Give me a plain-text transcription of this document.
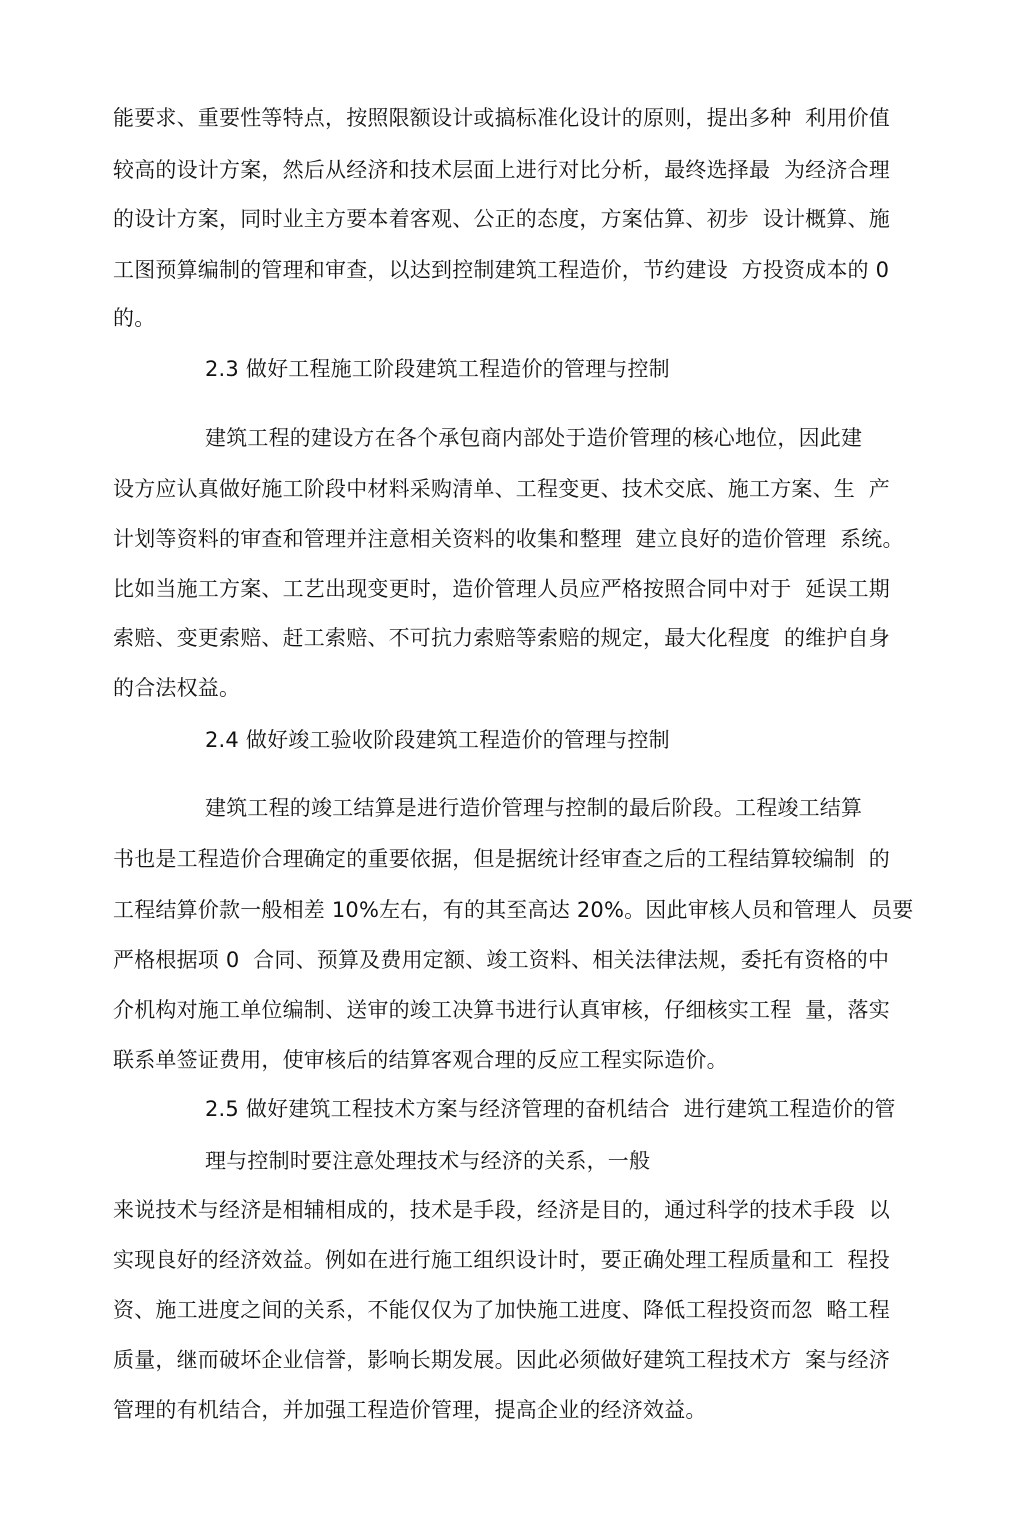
能要求、重要性等特点，按照限额设计或搞标准化设计的原则，提出多种  利用价值
较高的设计方案，然后从经济和技术层面上进行对比分析，最终选择最  为经济合理
的设计方案，同时业主方要本着客观、公正的态度，方案估算、初步  设计概算、施
工图预算编制的管理和审查，以达到控制建筑工程造价，节约建设  方投资成本的 0
的。
2.3 做好工程施工阶段建筑工程造价的管理与控制
建筑工程的建设方在各个承包商内部处于造价管理的核心地位，因此建
设方应认真做好施工阶段中材料采购清单、工程变更、技术交底、施工方案、生  产
计划等资料的审查和管理并注意相关资料的收集和整理  建立良好的造价管理  系统。
比如当施工方案、工艺出现变更时，造价管理人员应严格按照合同中对于  延误工期
索赔、变更索赔、赶工索赔、不可抗力索赔等索赔的规定，最大化程度  的维护自身
的合法权益。
2.4 做好竣工验收阶段建筑工程造价的管理与控制
建筑工程的竣工结算是进行造价管理与控制的最后阶段。工程竣工结算
书也是工程造价合理确定的重要依据，但是据统计经审查之后的工程结算较编制  的
工程结算价款一般相差 10%左右，有的其至高达 20%。因此审核人员和管理人  员要
严格根据项 0  合同、预算及费用定额、竣工资料、相关法律法规，委托有资格的中
介机构对施工单位编制、送审的竣工决算书进行认真审核，仔细核实工程  量，落实
联系单签证费用，使审核后的结算客观合理的反应工程实际造价。
2.5 做好建筑工程技术方案与经济管理的奋机结合  进行建筑工程造价的管
理与控制时要注意处理技术与经济的关系，一般
来说技术与经济是相辅相成的，技术是手段，经济是目的，通过科学的技术手段  以
实现良好的经济效益。例如在进行施工组织设计时，要正确处理工程质量和工  程投
资、施工进度之间的关系，不能仅仅为了加快施工进度、降低工程投资而忽  略工程
质量，继而破坏企业信誉，影响长期发展。因此必须做好建筑工程技术方  案与经济
管理的有机结合，并加强工程造价管理，提高企业的经济效益。
